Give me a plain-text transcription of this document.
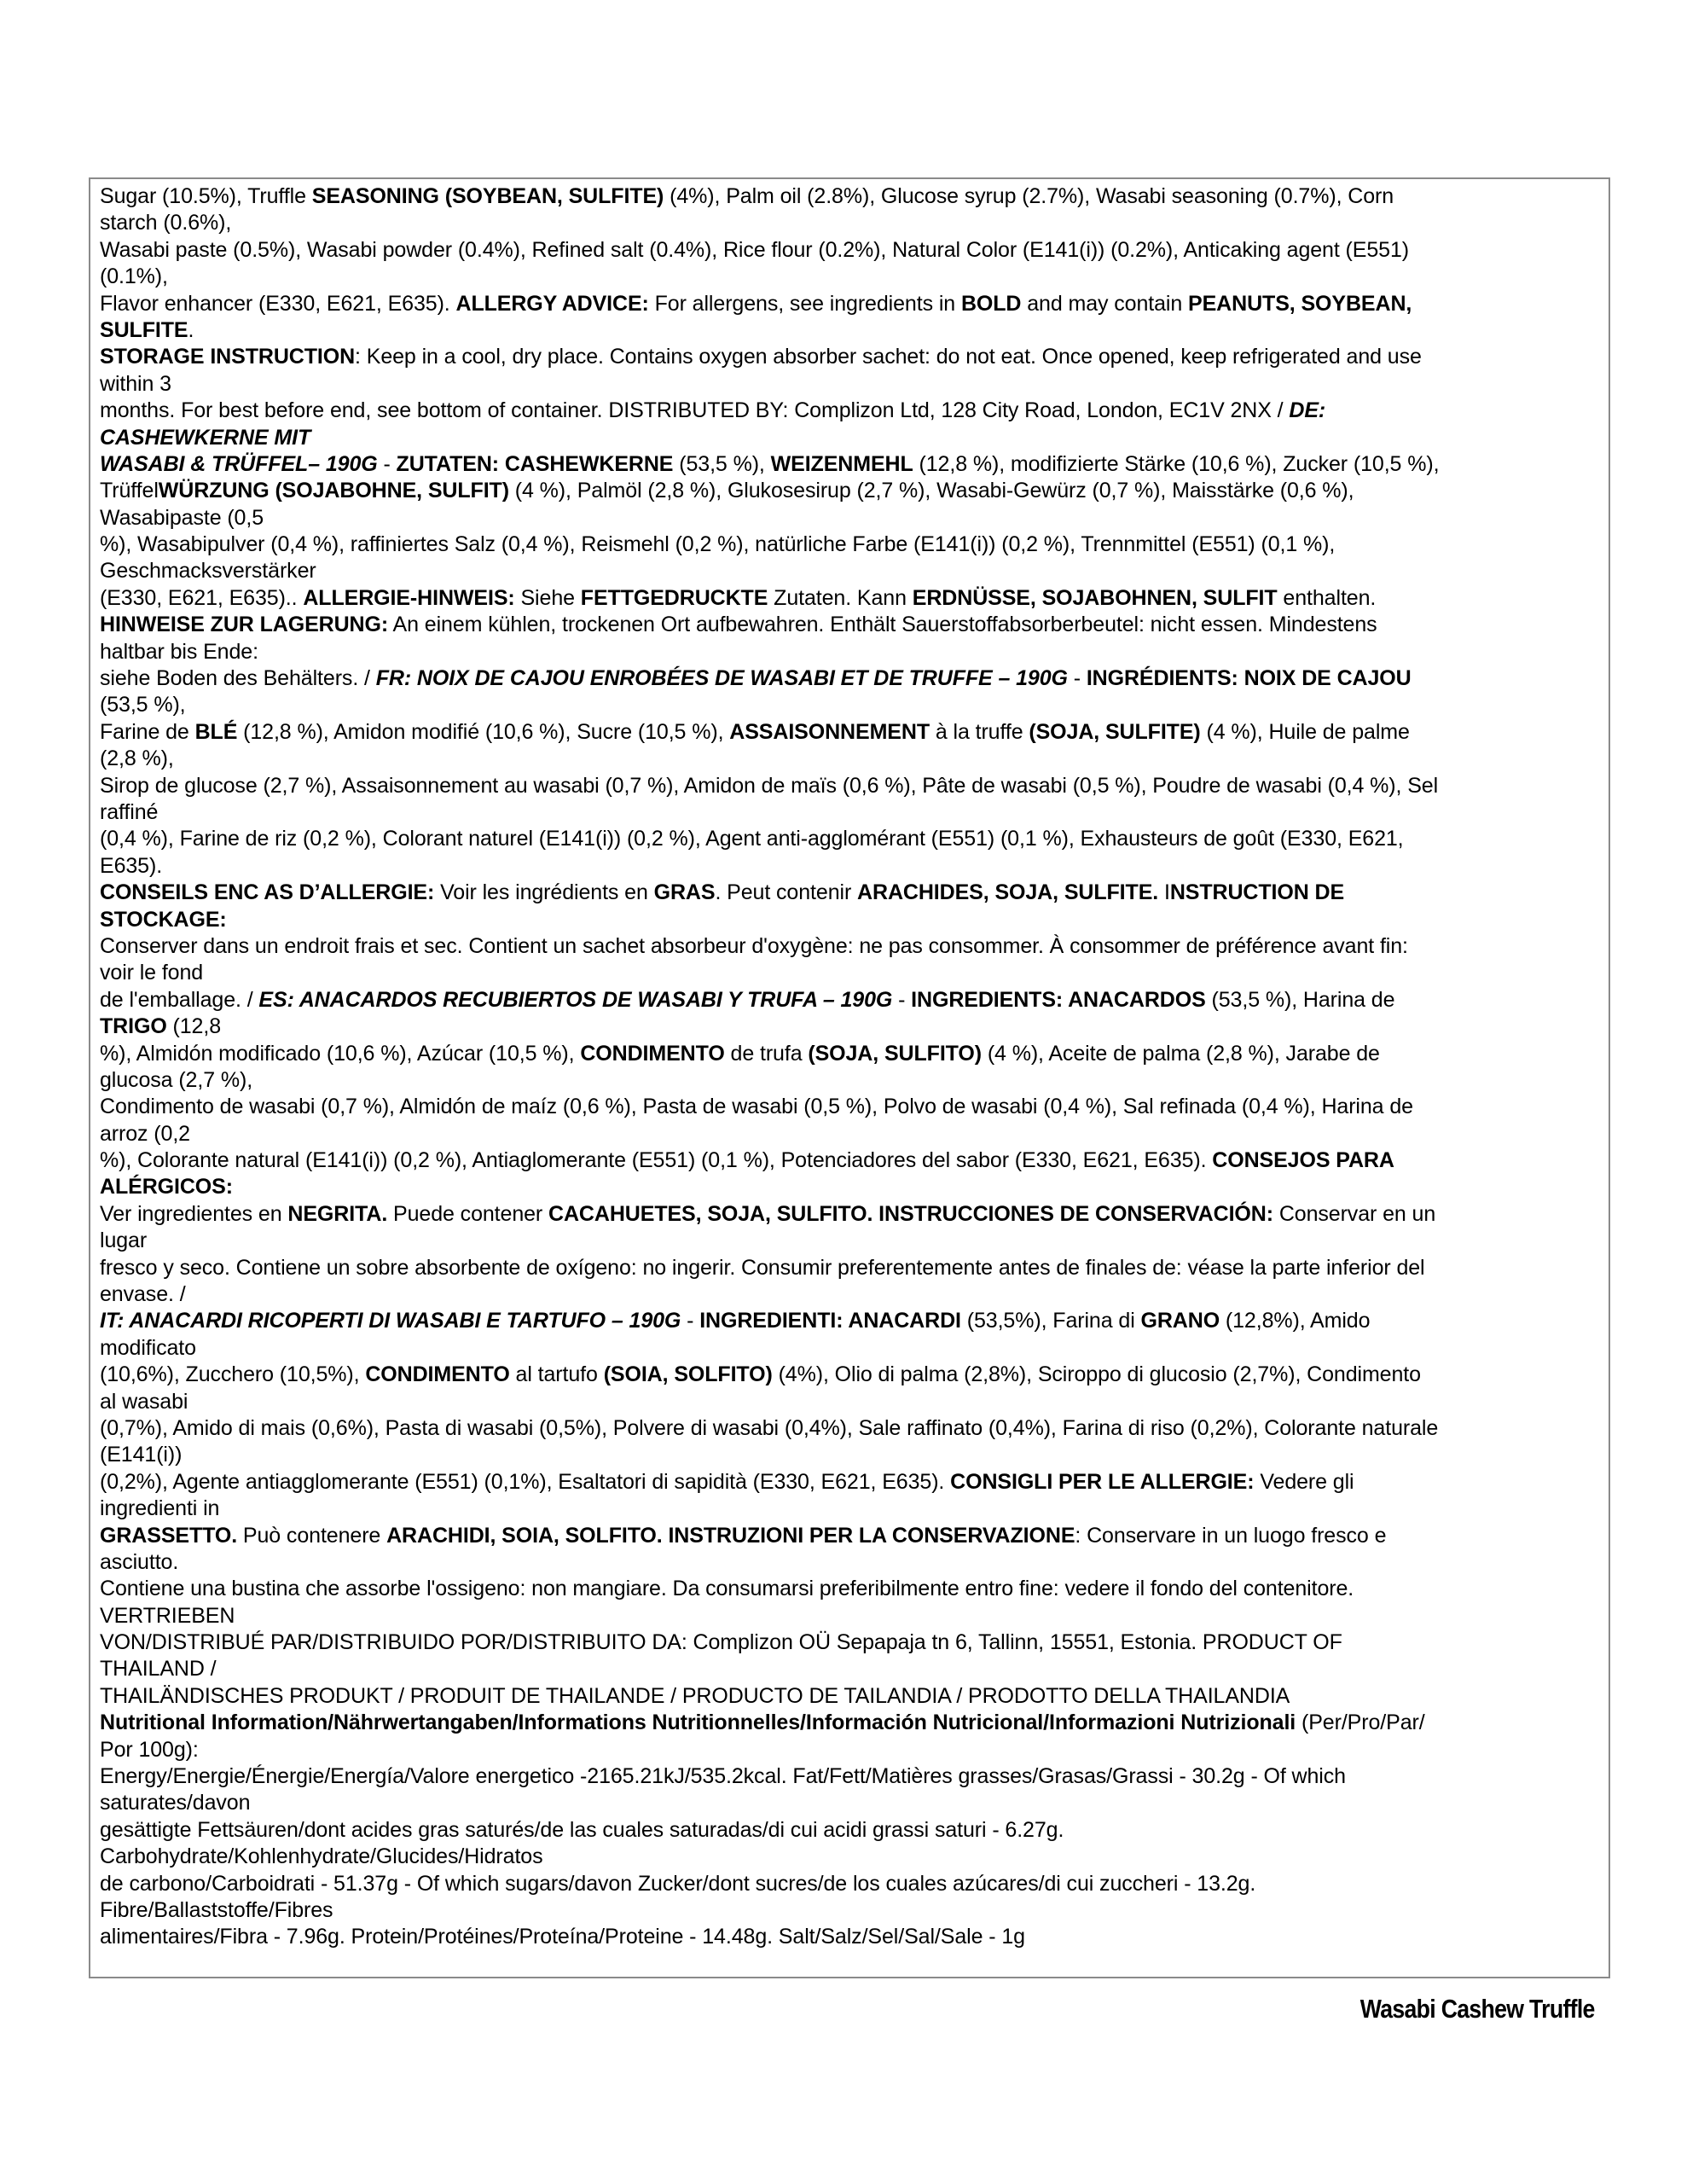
Sugar (10.5%), Truffle SEASONING (SOYBEAN, SULFITE) (4%), Palm oil (2.8%), Glucose syrup (2.7%), Wasabi seasoning (0.7%), Corn
starch (0.6%),
Wasabi paste (0.5%), Wasabi powder (0.4%), Refined salt (0.4%), Rice flour (0.2%), Natural Color (E141(i)) (0.2%), Anticaking agent (E551)
(0.1%),
Flavor enhancer (E330, E621, E635). ALLERGY ADVICE: For allergens, see ingredients in BOLD and may contain PEANUTS, SOYBEAN,
SULFITE.
STORAGE INSTRUCTION: Keep in a cool, dry place. Contains oxygen absorber sachet: do not eat. Once opened, keep refrigerated and use
within 3
months. For best before end, see bottom of container. DISTRIBUTED BY: Complizon Ltd, 128 City Road, London, EC1V 2NX / DE:
CASHEWKERNE MIT
WASABI & TRÜFFEL– 190G - ZUTATEN: CASHEWKERNE (53,5 %), WEIZENMEHL (12,8 %), modifizierte Stärke (10,6 %), Zucker (10,5 %),
TrüffelWÜRZUNG (SOJABOHNE, SULFIT) (4 %), Palmöl (2,8 %), Glukosesirup (2,7 %), Wasabi-Gewürz (0,7 %), Maisstärke (0,6 %),
Wasabipaste (0,5
%), Wasabipulver (0,4 %), raffiniertes Salz (0,4 %), Reismehl (0,2 %), natürliche Farbe (E141(i)) (0,2 %), Trennmittel (E551) (0,1 %),
Geschmacksverstärker
(E330, E621, E635).. ALLERGIE-HINWEIS: Siehe FETTGEDRUCKTE Zutaten. Kann ERDNÜSSE, SOJABOHNEN, SULFIT enthalten.
HINWEISE ZUR LAGERUNG: An einem kühlen, trockenen Ort aufbewahren. Enthält Sauerstoffabsorberbeutel: nicht essen. Mindestens
haltbar bis Ende:
siehe Boden des Behälters. / FR: NOIX DE CAJOU ENROBÉES DE WASABI ET DE TRUFFE – 190G - INGRÉDIENTS: NOIX DE CAJOU
(53,5 %),
Farine de BLÉ (12,8 %), Amidon modifié (10,6 %), Sucre (10,5 %), ASSAISONNEMENT à la truffe (SOJA, SULFITE) (4 %), Huile de palme
(2,8 %),
Sirop de glucose (2,7 %), Assaisonnement au wasabi (0,7 %), Amidon de maïs (0,6 %), Pâte de wasabi (0,5 %), Poudre de wasabi (0,4 %), Sel
raffiné
(0,4 %), Farine de riz (0,2 %), Colorant naturel (E141(i)) (0,2 %), Agent anti-agglomérant (E551) (0,1 %), Exhausteurs de goût (E330, E621,
E635).
CONSEILS ENC AS D’ALLERGIE: Voir les ingrédients en GRAS. Peut contenir ARACHIDES, SOJA, SULFITE. INSTRUCTION DE
STOCKAGE:
Conserver dans un endroit frais et sec. Contient un sachet absorbeur d'oxygène: ne pas consommer. À consommer de préférence avant fin:
voir le fond
de l'emballage. / ES: ANACARDOS RECUBIERTOS DE WASABI Y TRUFA – 190G - INGREDIENTS: ANACARDOS (53,5 %), Harina de
TRIGO (12,8
%), Almidón modificado (10,6 %), Azúcar (10,5 %), CONDIMENTO de trufa (SOJA, SULFITO) (4 %), Aceite de palma (2,8 %), Jarabe de
glucosa (2,7 %),
Condimento de wasabi (0,7 %), Almidón de maíz (0,6 %), Pasta de wasabi (0,5 %), Polvo de wasabi (0,4 %), Sal refinada (0,4 %), Harina de
arroz (0,2
%), Colorante natural (E141(i)) (0,2 %), Antiaglomerante (E551) (0,1 %), Potenciadores del sabor (E330, E621, E635). CONSEJOS PARA
ALÉRGICOS:
Ver ingredientes en NEGRITA. Puede contener CACAHUETES, SOJA, SULFITO. INSTRUCCIONES DE CONSERVACIÓN: Conservar en un
lugar
fresco y seco. Contiene un sobre absorbente de oxígeno: no ingerir. Consumir preferentemente antes de finales de: véase la parte inferior del
envase. /
IT: ANACARDI RICOPERTI DI WASABI E TARTUFO – 190G - INGREDIENTI: ANACARDI (53,5%), Farina di GRANO (12,8%), Amido
modificato
(10,6%), Zucchero (10,5%), CONDIMENTO al tartufo (SOIA, SOLFITO) (4%), Olio di palma (2,8%), Sciroppo di glucosio (2,7%), Condimento
al wasabi
(0,7%), Amido di mais (0,6%), Pasta di wasabi (0,5%), Polvere di wasabi (0,4%), Sale raffinato (0,4%), Farina di riso (0,2%), Colorante naturale
(E141(i))
(0,2%), Agente antiagglomerante (E551) (0,1%), Esaltatori di sapidità (E330, E621, E635). CONSIGLI PER LE ALLERGIE: Vedere gli
ingredienti in
GRASSETTO. Può contenere ARACHIDI, SOIA, SOLFITO. INSTRUZIONI PER LA CONSERVAZIONE: Conservare in un luogo fresco e
asciutto.
Contiene una bustina che assorbe l'ossigeno: non mangiare. Da consumarsi preferibilmente entro fine: vedere il fondo del contenitore.
VERTRIEBEN
VON/DISTRIBUÉ PAR/DISTRIBUIDO POR/DISTRIBUITO DA: Complizon OÜ Sepapaja tn 6, Tallinn, 15551, Estonia. PRODUCT OF
THAILAND /
THAILÄNDISCHES PRODUKT / PRODUIT DE THAILANDE / PRODUCTO DE TAILANDIA / PRODOTTO DELLA THAILANDIA
Nutritional Information/Nährwertangaben/Informations Nutritionnelles/Información Nutricional/Informazioni Nutrizionali (Per/Pro/Par/
Por 100g):
Energy/Energie/Énergie/Energía/Valore energetico -2165.21kJ/535.2kcal. Fat/Fett/Matières grasses/Grasas/Grassi - 30.2g - Of which
saturates/davon
gesättigte Fettsäuren/dont acides gras saturés/de las cuales saturadas/di cui acidi grassi saturi - 6.27g.
Carbohydrate/Kohlenhydrate/Glucides/Hidratos
de carbono/Carboidrati - 51.37g - Of which sugars/davon Zucker/dont sucres/de los cuales azúcares/di cui zuccheri - 13.2g.
Fibre/Ballaststoffe/Fibres
alimentaires/Fibra - 7.96g. Protein/Protéines/Proteína/Proteine - 14.48g. Salt/Salz/Sel/Sal/Sale - 1g
Wasabi Cashew Truffle
